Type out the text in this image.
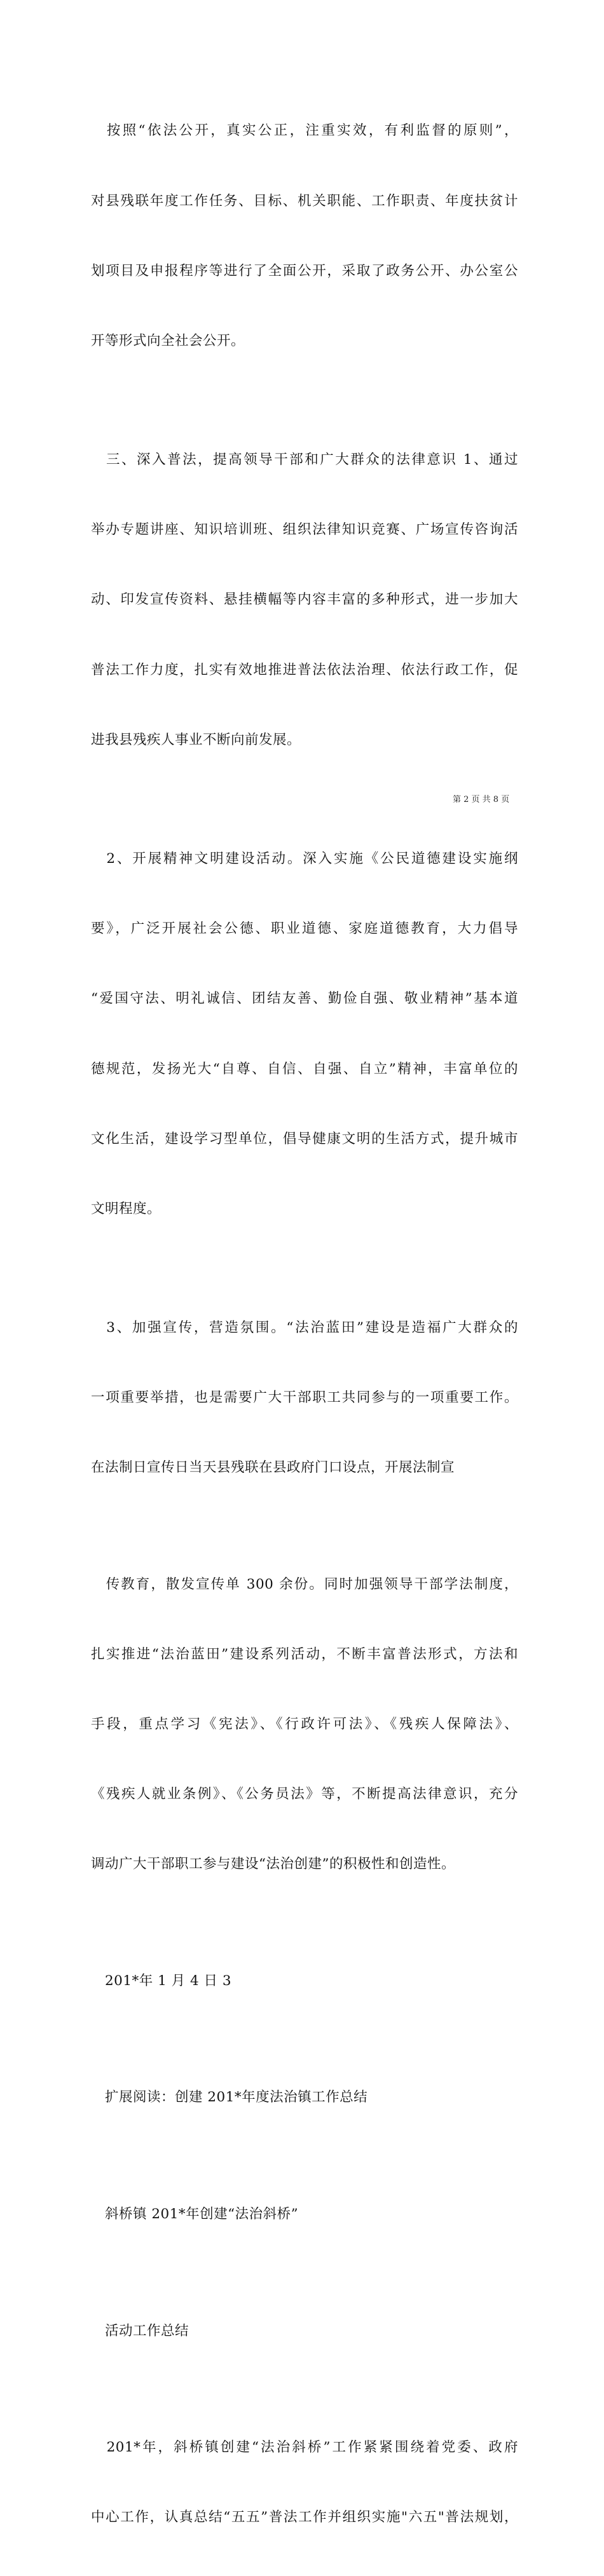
　按照“依法公开，真实公正，注重实效，有利监督的原则”，

对县残联年度工作任务、目标、机关职能、工作职责、年度扶贫计

划项目及申报程序等进行了全面公开，采取了政务公开、办公室公

开等形式向全社会公开。

　三、深入普法，提高领导干部和广大群众的法律意识 1、通过

举办专题讲座、知识培训班、组织法律知识竞赛、广场宣传咨询活

动、印发宣传资料、悬挂横幅等内容丰富的多种形式，进一步加大

普法工作力度，扎实有效地推进普法依法治理、依法行政工作，促

进我县残疾人事业不断向前发展。

　2、开展精神文明建设活动。深入实施《公民道德建设实施纲

要》，广泛开展社会公德、职业道德、家庭道德教育，大力倡导

“爱国守法、明礼诚信、团结友善、勤俭自强、敬业精神”基本道

德规范，发扬光大“自尊、自信、自强、自立”精神，丰富单位的

文化生活，建设学习型单位，倡导健康文明的生活方式，提升城市

文明程度。

　3、加强宣传，营造氛围。“法治蓝田”建设是造福广大群众的

一项重要举措，也是需要广大干部职工共同参与的一项重要工作。

在法制日宣传日当天县残联在县政府门口设点，开展法制宣

　传教育，散发宣传单 300 余份。同时加强领导干部学法制度，

扎实推进“法治蓝田”建设系列活动，不断丰富普法形式，方法和

手段，重点学习《宪法》、《行政许可法》、《残疾人保障法》、

《残疾人就业条例》、《公务员法》等，不断提高法律意识，充分

调动广大干部职工参与建设“法治创建”的积极性和创造性。

　201*年 1 月 4 日 3

　扩展阅读：创建 201*年度法治镇工作总结

　斜桥镇 201*年创建“法治斜桥”

　活动工作总结

　201*年，斜桥镇创建“法治斜桥”工作紧紧围绕着党委、政府

中心工作，认真总结“五五”普法工作并组织实施"六五"普法规划，

第 2 页 共 8 页
